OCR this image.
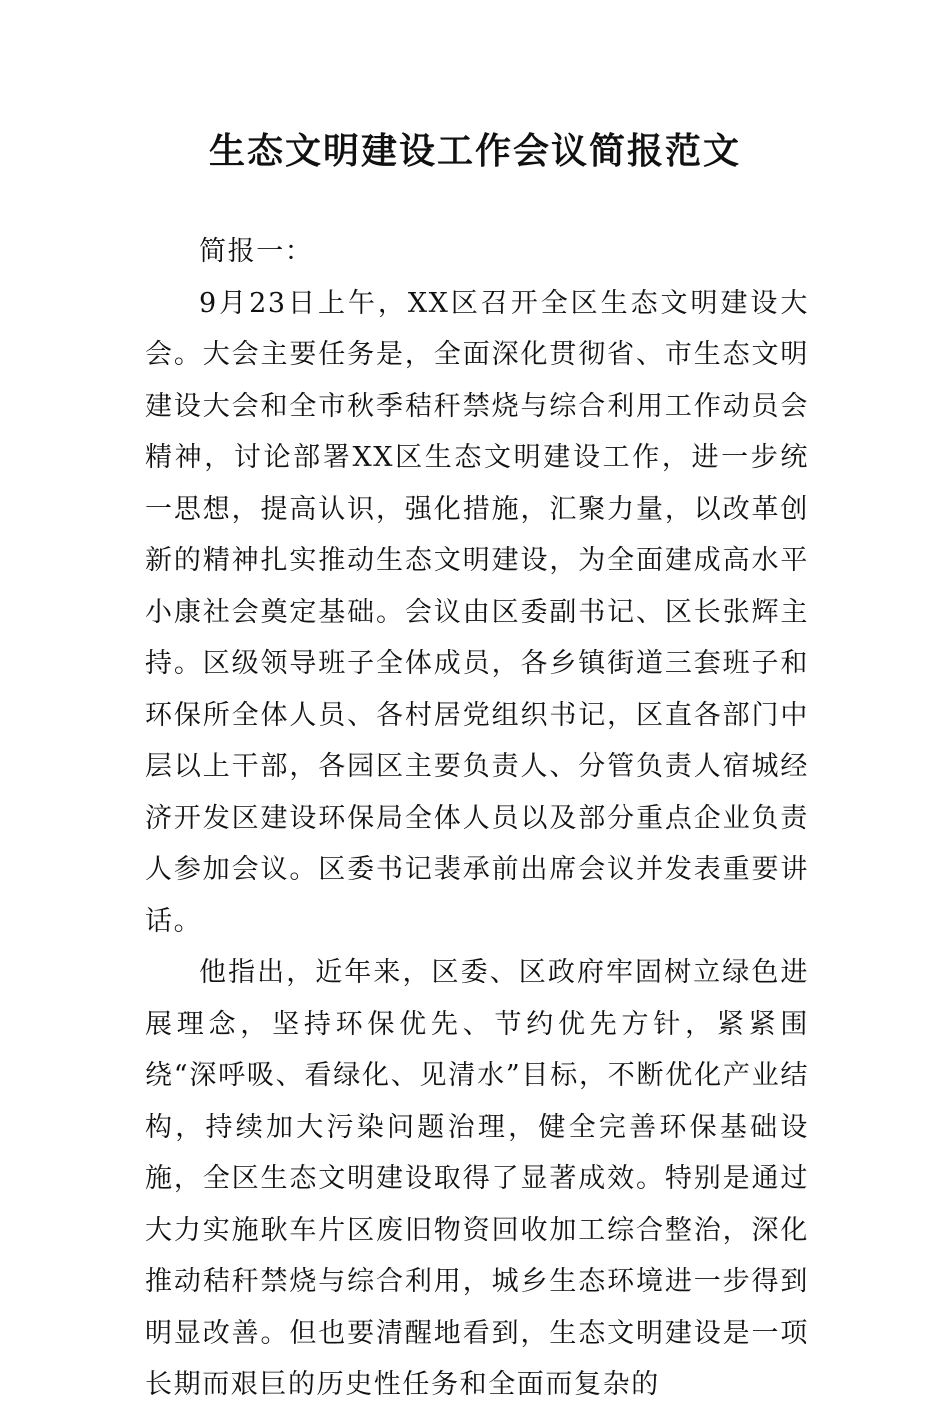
生态文明建设工作会议简报范文

简报一：

9月23日上午，XX区召开全区生态文明建设大会。大会主要任务是，全面深化贯彻省、市生态文明建设大会和全市秋季秸秆禁烧与综合利用工作动员会精神，讨论部署XX区生态文明建设工作，进一步统一思想，提高认识，强化措施，汇聚力量，以改革创新的精神扎实推动生态文明建设，为全面建成高水平小康社会奠定基础。会议由区委副书记、区长张辉主持。区级领导班子全体成员，各乡镇街道三套班子和环保所全体人员、各村居党组织书记，区直各部门中层以上干部，各园区主要负责人、分管负责人宿城经济开发区建设环保局全体人员以及部分重点企业负责人参加会议。区委书记裴承前出席会议并发表重要讲话。

他指出，近年来，区委、区政府牢固树立绿色进展理念，坚持环保优先、节约优先方针，紧紧围绕“深呼吸、看绿化、见清水”目标，不断优化产业结构，持续加大污染问题治理，健全完善环保基础设施，全区生态文明建设取得了显著成效。特别是通过大力实施耿车片区废旧物资回收加工综合整治，深化推动秸秆禁烧与综合利用，城乡生态环境进一步得到明显改善。但也要清醒地看到，生态文明建设是一项长期而艰巨的历史性任务和全面而复杂的
